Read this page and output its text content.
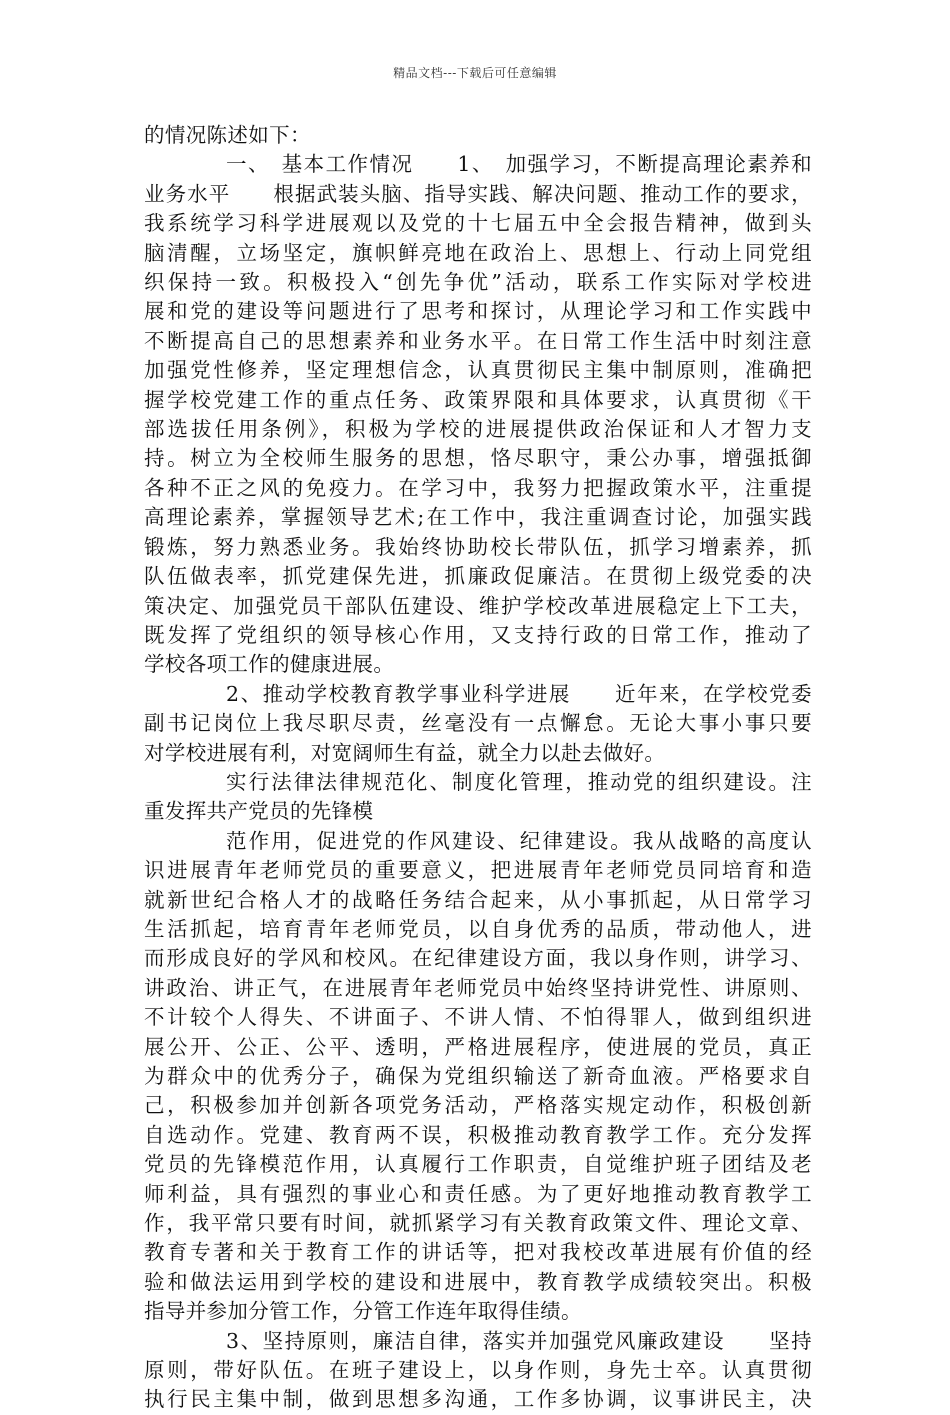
精品文档---下载后可任意编辑
的情况陈述如下：
一、　基本工作情况　　1、　加强学习，不断提高理论素养和
业务水平　　根据武装头脑、指导实践、解决问题、推动工作的要求，
我系统学习科学进展观以及党的十七届五中全会报告精神，做到头
脑清醒，立场坚定，旗帜鲜亮地在政治上、思想上、行动上同党组
织保持一致。积极投入“创先争优”活动，联系工作实际对学校进
展和党的建设等问题进行了思考和探讨，从理论学习和工作实践中
不断提高自己的思想素养和业务水平。在日常工作生活中时刻注意
加强党性修养，坚定理想信念，认真贯彻民主集中制原则，准确把
握学校党建工作的重点任务、政策界限和具体要求，认真贯彻《干
部选拔任用条例》，积极为学校的进展提供政治保证和人才智力支
持。树立为全校师生服务的思想，恪尽职守，秉公办事，增强抵御
各种不正之风的免疫力。在学习中，我努力把握政策水平，注重提
高理论素养，掌握领导艺术;在工作中，我注重调查讨论，加强实践
锻炼，努力熟悉业务。我始终协助校长带队伍，抓学习增素养，抓
队伍做表率，抓党建保先进，抓廉政促廉洁。在贯彻上级党委的决
策决定、加强党员干部队伍建设、维护学校改革进展稳定上下工夫，
既发挥了党组织的领导核心作用，又支持行政的日常工作，推动了
学校各项工作的健康进展。
2、推动学校教育教学事业科学进展　　近年来，在学校党委
副书记岗位上我尽职尽责，丝毫没有一点懈怠。无论大事小事只要
对学校进展有利，对宽阔师生有益，就全力以赴去做好。
实行法律法律规范化、制度化管理，推动党的组织建设。注
重发挥共产党员的先锋模
范作用，促进党的作风建设、纪律建设。我从战略的高度认
识进展青年老师党员的重要意义，把进展青年老师党员同培育和造
就新世纪合格人才的战略任务结合起来，从小事抓起，从日常学习
生活抓起，培育青年老师党员，以自身优秀的品质，带动他人，进
而形成良好的学风和校风。在纪律建设方面，我以身作则，讲学习、
讲政治、讲正气，在进展青年老师党员中始终坚持讲党性、讲原则、
不计较个人得失、不讲面子、不讲人情、不怕得罪人，做到组织进
展公开、公正、公平、透明，严格进展程序，使进展的党员，真正
为群众中的优秀分子，确保为党组织输送了新奇血液。严格要求自
己，积极参加并创新各项党务活动，严格落实规定动作，积极创新
自选动作。党建、教育两不误，积极推动教育教学工作。充分发挥
党员的先锋模范作用，认真履行工作职责，自觉维护班子团结及老
师利益，具有强烈的事业心和责任感。为了更好地推动教育教学工
作，我平常只要有时间，就抓紧学习有关教育政策文件、理论文章、
教育专著和关于教育工作的讲话等，把对我校改革进展有价值的经
验和做法运用到学校的建设和进展中，教育教学成绩较突出。积极
指导并参加分管工作，分管工作连年取得佳绩。
3、坚持原则，廉洁自律，落实并加强党风廉政建设　　坚持
原则，带好队伍。在班子建设上，以身作则，身先士卒。认真贯彻
执行民主集中制，做到思想多沟通，工作多协调，议事讲民主，决
